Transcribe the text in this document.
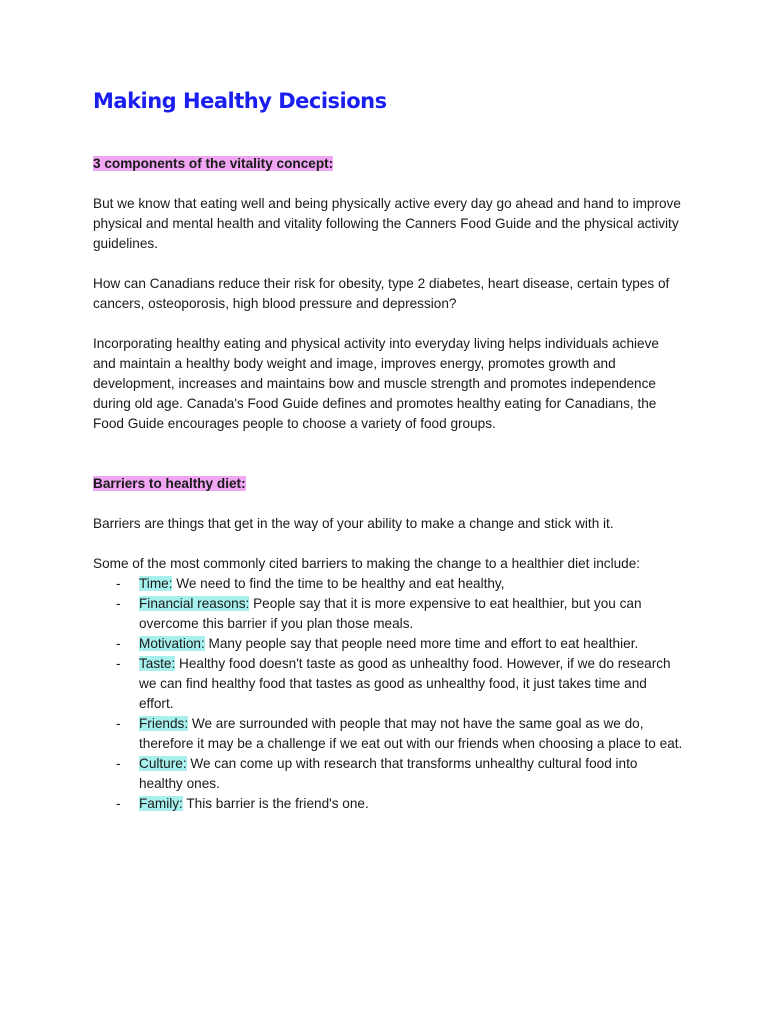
Making Healthy Decisions
3 components of the vitality concept:

But we know that eating well and being physically active every day go ahead and hand to improve physical and mental health and vitality following the Canners Food Guide and the physical activity guidelines.

How can Canadians reduce their risk for obesity, type 2 diabetes, heart disease, certain types of cancers, osteoporosis, high blood pressure and depression?

Incorporating healthy eating and physical activity into everyday living helps individuals achieve and maintain a healthy body weight and image, improves energy, promotes growth and development, increases and maintains bow and muscle strength and promotes independence during old age. Canada's Food Guide defines and promotes healthy eating for Canadians, the Food Guide encourages people to choose a variety of food groups.

Barriers to healthy diet:

Barriers are things that get in the way of your ability to make a change and stick with it.

Some of the most commonly cited barriers to making the change to a healthier diet include:

- Time: We need to find the time to be healthy and eat healthy,
- Financial reasons: People say that it is more expensive to eat healthier, but you can overcome this barrier if you plan those meals.
- Motivation: Many people say that people need more time and effort to eat healthier.
- Taste: Healthy food doesn't taste as good as unhealthy food. However, if we do research we can find healthy food that tastes as good as unhealthy food, it just takes time and effort.
- Friends: We are surrounded with people that may not have the same goal as we do, therefore it may be a challenge if we eat out with our friends when choosing a place to eat.
- Culture: We can come up with research that transforms unhealthy cultural food into healthy ones.
- Family: This barrier is the friend's one.
